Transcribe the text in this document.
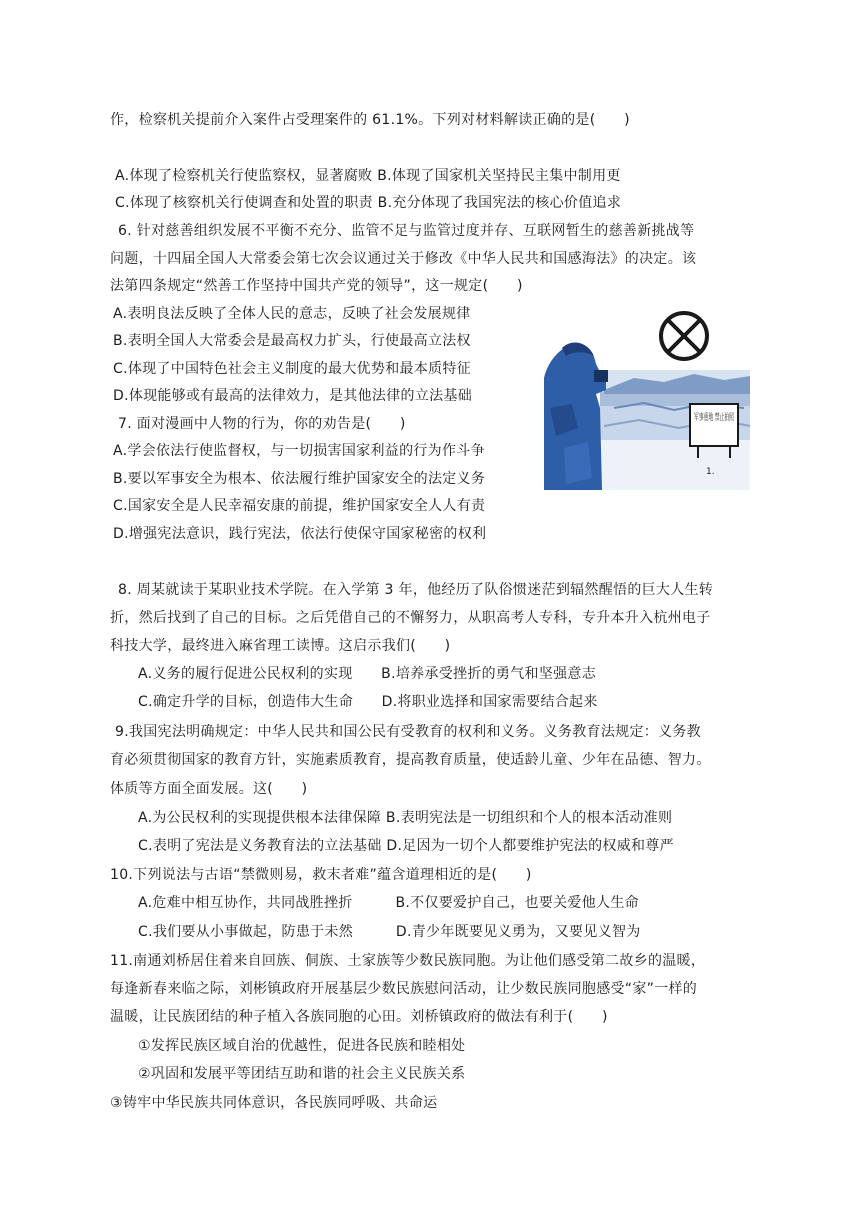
作，检察机关提前介入案件占受理案件的 61.1%。下列对材料解读正确的是(　　)
A.体现了检察机关行使监察权，显著腐败 B.体现了国家机关坚持民主集中制用更
C.体现了核察机关行使调查和处置的职责 B.充分体现了我国宪法的核心价值追求
6. 针对慈善组织发展不平衡不充分、监管不足与监管过度并存、互联网暂生的慈善新挑战等
问题，十四届全国人大常委会第七次会议通过关于修改《中华人民共和国感海法》的决定。该
法第四条规定“然善工作坚持中国共产党的领导”，这一规定(　　)
A.表明良法反映了全体人民的意志，反映了社会发展规律
B.表明全国人大常委会是最高权力扩头，行使最高立法权
C.体现了中国特色社会主义制度的最大优势和最本质特征
D.体现能够或有最高的法律效力，是其他法律的立法基础
7. 面对漫画中人物的行为，你的劝告是(　　)
A.学会依法行使监督权，与一切损害国家利益的行为作斗争
B.要以军事安全为根本、依法履行维护国家安全的法定义务
C.国家安全是人民幸福安康的前提，维护国家安全人人有责
D.增强宪法意识，践行宪法，依法行使保守国家秘密的权利
军事重地 禁止拍照
1.
8. 周某就读于某职业技术学院。在入学第 3 年，他经历了队俗惯迷茫到辐然醒悟的巨大人生转
折，然后找到了自己的目标。之后凭借自己的不懈努力，从职高考人专科，专升本升入杭州电子
科技大学，最终进入麻省理工读博。这启示我们(　　)
A.义务的履行促进公民权利的实现　　B.培养承受挫折的勇气和坚强意志
C.确定升学的目标，创造伟大生命　　D.将职业选择和国家需要结合起来
9.我国宪法明确规定：中华人民共和国公民有受教育的权利和义务。义务教育法规定：义务教
育必须贯彻国家的教育方针，实施素质教育，提高教育质量，使适龄儿童、少年在品德、智力。
体质等方面全面发展。这(　　)
A.为公民权利的实现提供根本法律保障 B.表明宪法是一切组织和个人的根本活动准则
C.表明了宪法是义务教育法的立法基础 D.足因为一切个人都要维护宪法的权威和尊严
10.下列说法与古语“禁微则易，救末者难”蕴含道理相近的是(　　)
A.危难中相互协作，共同战胜挫折　　　B.不仅要爱护自己，也要关爱他人生命
C.我们要从小事做起，防患于未然　　　D.青少年既要见义勇为，又要见义智为
11.南通刘桥居住着来自回族、侗族、土家族等少数民族同胞。为让他们感受第二故乡的温暖，
每逢新春来临之际，刘彬镇政府开展基层少数民族慰问活动，让少数民族同胞感受“家”一样的
温暖，让民族团结的种子植入各族同胞的心田。刘桥镇政府的做法有利于(　　)
①发挥民族区域自治的优越性，促进各民族和睦相处
②巩固和发展平等团结互助和谐的社会主义民族关系
③铸牢中华民族共同体意识，各民族同呼吸、共命运
